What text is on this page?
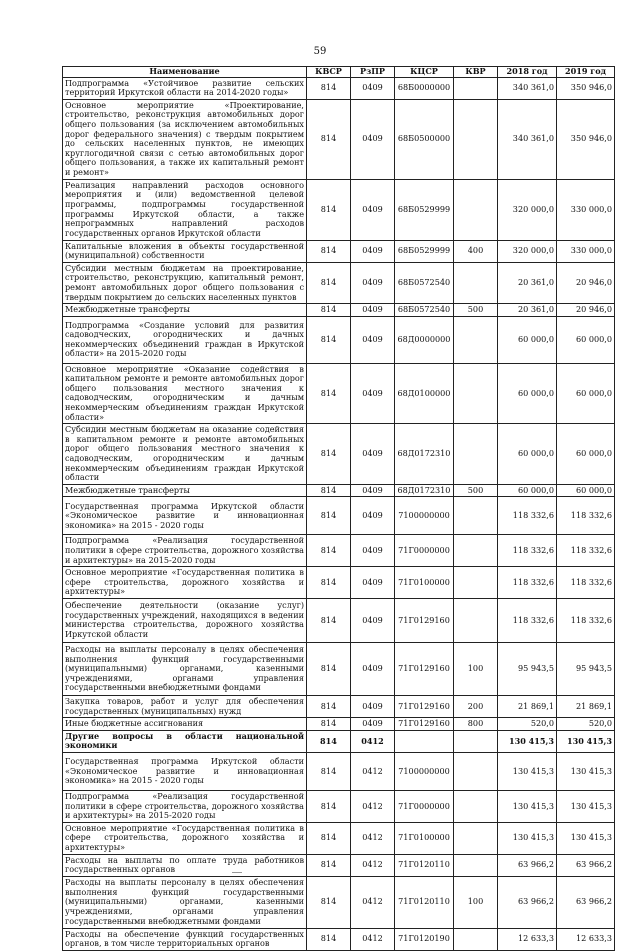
59
Наименование	КВСР	РзПР	КЦСР	КВР	2018 год	2019 год
Подпрограмма «Устойчивое развитие сельских территорий Иркутской области на 2014-2020 годы»	814	0409	68Б0000000		340 361,0	350 946,0
Основное мероприятие «Проектирование, строительство, реконструкция автомобильных дорог общего пользования (за исключением автомобильных дорог федерального значения) с твердым покрытием до сельских населенных пунктов, не имеющих круглогодичной связи с сетью автомобильных дорог общего пользования, а также их капитальный ремонт и ремонт»	814	0409	68Б0500000		340 361,0	350 946,0
Реализация направлений расходов основного мероприятия и (или) ведомственной целевой программы, подпрограммы государственной программы Иркутской области, а также непрограммных направлений расходов государственных органов Иркутской области	814	0409	68Б0529999		320 000,0	330 000,0
Капитальные вложения в объекты государственной (муниципальной) собственности	814	0409	68Б0529999	400	320 000,0	330 000,0
Субсидии местным бюджетам на проектирование, строительство, реконструкцию, капитальный ремонт, ремонт автомобильных дорог общего пользования с твердым покрытием до сельских населенных пунктов	814	0409	68Б0572540		20 361,0	20 946,0
Межбюджетные трансферты	814	0409	68Б0572540	500	20 361,0	20 946,0
Подпрограмма «Создание условий для развития садоводческих, огороднических и дачных некоммерческих объединений граждан в Иркутской области» на 2015-2020 годы	814	0409	68Д0000000		60 000,0	60 000,0
Основное мероприятие «Оказание содействия в капитальном ремонте и ремонте автомобильных дорог общего пользования местного значения к садоводческим, огородническим и дачным некоммерческим объединениям граждан Иркутской области»	814	0409	68Д0100000		60 000,0	60 000,0
Субсидии местным бюджетам на оказание содействия в капитальном ремонте и ремонте автомобильных дорог общего пользования местного значения к садоводческим, огородническим и дачным некоммерческим объединениям граждан Иркутской области	814	0409	68Д0172310		60 000,0	60 000,0
Межбюджетные трансферты	814	0409	68Д0172310	500	60 000,0	60 000,0
Государственная программа Иркутской области «Экономическое развитие и инновационная экономика» на 2015 - 2020 годы	814	0409	7100000000		118 332,6	118 332,6
Подпрограмма «Реализация государственной политики в сфере строительства, дорожного хозяйства и архитектуры» на 2015-2020 годы	814	0409	71Г0000000		118 332,6	118 332,6
Основное мероприятие «Государственная политика в сфере строительства, дорожного хозяйства и архитектуры»	814	0409	71Г0100000		118 332,6	118 332,6
Обеспечение деятельности (оказание услуг) государственных учреждений, находящихся в ведении министерства строительства, дорожного хозяйства Иркутской области	814	0409	71Г0129160		118 332,6	118 332,6
Расходы на выплаты персоналу в целях обеспечения выполнения функций государственными (муниципальными) органами, казенными учреждениями, органами управления государственными внебюджетными фондами	814	0409	71Г0129160	100	95 943,5	95 943,5
Закупка товаров, работ и услуг для обеспечения государственных (муниципальных) нужд	814	0409	71Г0129160	200	21 869,1	21 869,1
Иные бюджетные ассигнования	814	0409	71Г0129160	800	520,0	520,0
Другие вопросы в области национальной экономики	814	0412			130 415,3	130 415,3
Государственная программа Иркутской области «Экономическое развитие и инновационная экономика» на 2015 - 2020 годы	814	0412	7100000000		130 415,3	130 415,3
Подпрограмма «Реализация государственной политики в сфере строительства, дорожного хозяйства и архитектуры» на 2015-2020 годы	814	0412	71Г0000000		130 415,3	130 415,3
Основное мероприятие «Государственная политика в сфере строительства, дорожного хозяйства и архитектуры»	814	0412	71Г0100000		130 415,3	130 415,3
Расходы на выплаты по оплате труда работников государственных органов	814	0412	71Г0120110		63 966,2	63 966,2
Расходы на выплаты персоналу в целях обеспечения выполнения функций государственными (муниципальными) органами, казенными учреждениями, органами управления государственными внебюджетными фондами	814	0412	71Г0120110	100	63 966,2	63 966,2
Расходы на обеспечение функций государственных органов, в том числе территориальных органов	814	0412	71Г0120190		12 633,3	12 633,3
